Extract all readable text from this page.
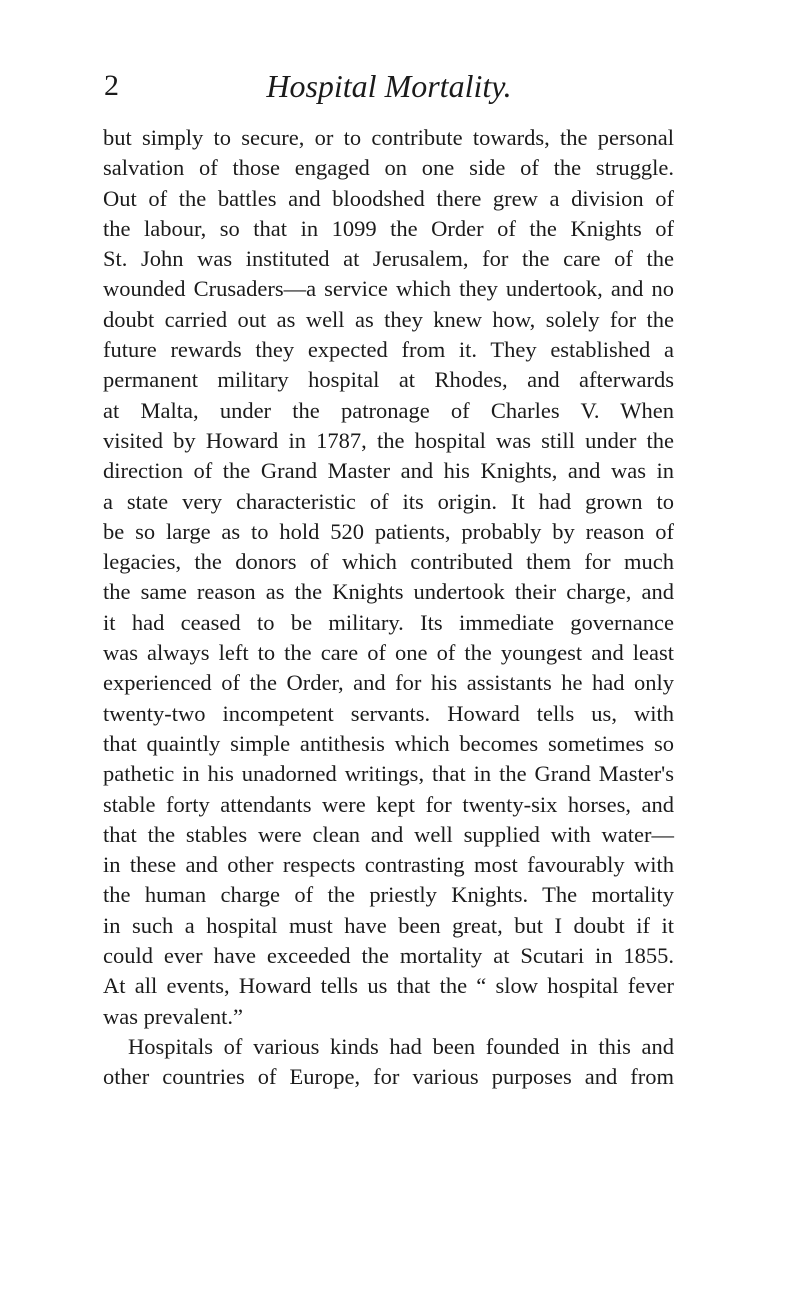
2	Hospital Mortality.
but simply to secure, or to contribute towards, the personal
salvation of those engaged on one side of the struggle.
Out of the battles and bloodshed there grew a division of
the labour, so that in 1099 the Order of the Knights of
St. John was instituted at Jerusalem, for the care of the
wounded Crusaders—a service which they undertook, and no
doubt carried out as well as they knew how, solely for the
future rewards they expected from it. They established a
permanent military hospital at Rhodes, and afterwards
at Malta, under the patronage of Charles V. When
visited by Howard in 1787, the hospital was still under the
direction of the Grand Master and his Knights, and was in
a state very characteristic of its origin. It had grown to
be so large as to hold 520 patients, probably by reason of
legacies, the donors of which contributed them for much
the same reason as the Knights undertook their charge, and
it had ceased to be military. Its immediate governance
was always left to the care of one of the youngest and least
experienced of the Order, and for his assistants he had only
twenty-two incompetent servants. Howard tells us, with
that quaintly simple antithesis which becomes sometimes so
pathetic in his unadorned writings, that in the Grand Master's
stable forty attendants were kept for twenty-six horses, and
that the stables were clean and well supplied with water—
in these and other respects contrasting most favourably with
the human charge of the priestly Knights. The mortality
in such a hospital must have been great, but I doubt if it
could ever have exceeded the mortality at Scutari in 1855.
At all events, Howard tells us that the “ slow hospital fever
was prevalent.”
Hospitals of various kinds had been founded in this and
other countries of Europe, for various purposes and from
